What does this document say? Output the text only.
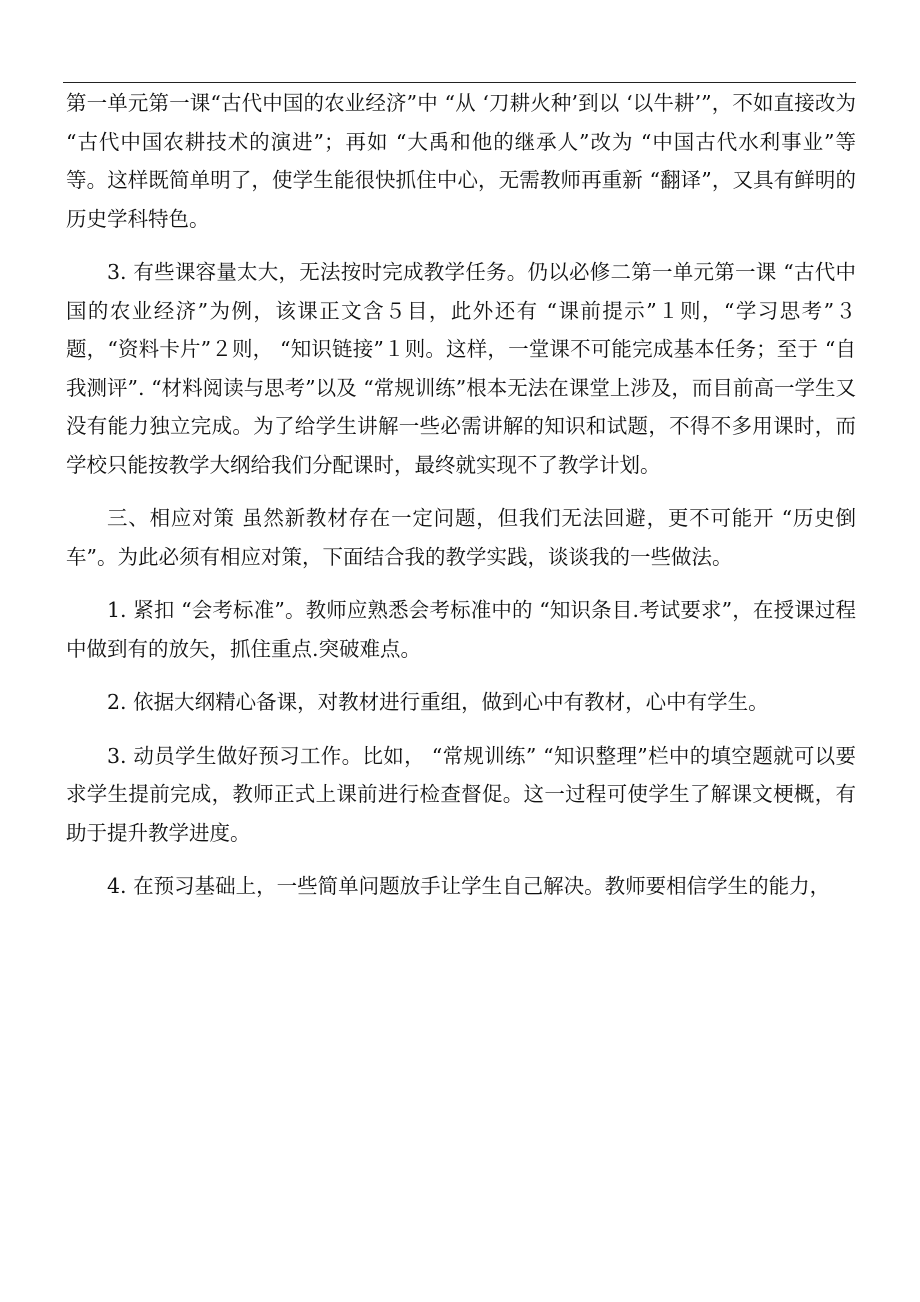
第一单元第一课“古代中国的农业经济”中 “从 ‘刀耕火种’到以 ‘以牛耕’”，不如直接改为 “古代中国农耕技术的演进”；再如 “大禹和他的继承人”改为 “中国古代水利事业”等等。这样既简单明了，使学生能很快抓住中心，无需教师再重新 “翻译”，又具有鲜明的历史学科特色。

3. 有些课容量太大，无法按时完成教学任务。仍以必修二第一单元第一课 “古代中国的农业经济”为例，该课正文含５目，此外还有 “课前提示”１则，“学习思考”３题，“资料卡片”２则， “知识链接”１则。这样，一堂课不可能完成基本任务；至于 “自我测评”. “材料阅读与思考”以及 “常规训练”根本无法在课堂上涉及，而目前高一学生又没有能力独立完成。为了给学生讲解一些必需讲解的知识和试题，不得不多用课时，而学校只能按教学大纲给我们分配课时，最终就实现不了教学计划。

三、相应对策 虽然新教材存在一定问题，但我们无法回避，更不可能开 “历史倒车”。为此必须有相应对策，下面结合我的教学实践，谈谈我的一些做法。

1. 紧扣 “会考标准”。教师应熟悉会考标准中的 “知识条目.考试要求”，在授课过程中做到有的放矢，抓住重点.突破难点。

2. 依据大纲精心备课，对教材进行重组，做到心中有教材，心中有学生。

3. 动员学生做好预习工作。比如， “常规训练” “知识整理”栏中的填空题就可以要求学生提前完成，教师正式上课前进行检查督促。这一过程可使学生了解课文梗概，有助于提升教学进度。

4. 在预习基础上，一些简单问题放手让学生自己解决。教师要相信学生的能力，
